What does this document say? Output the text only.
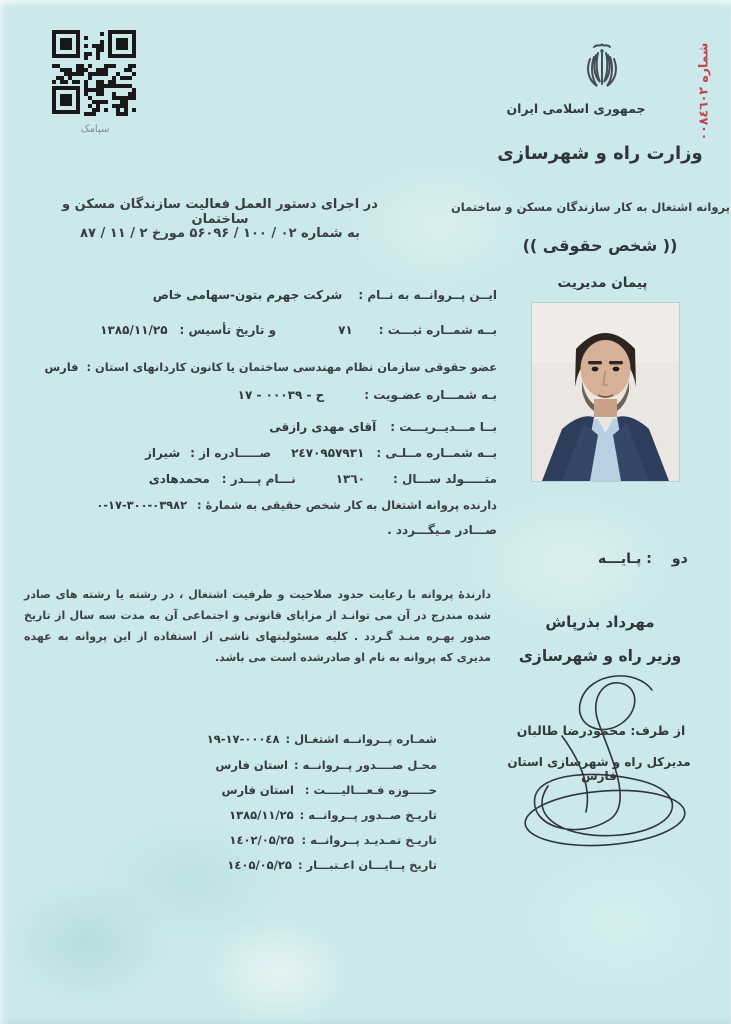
سپامک	شماره ۰۰۸٤٦۰۲
جمهوری اسلامی ایران
وزارت راه و شهرسازی
پروانه اشتغال به کار سازندگان مسکن و ساختمان
(( شخص حقوقی ))
پیمان مدیریت
در اجرای دستور العمل فعالیت سازندگان مسکن و ساختمان
به شماره ۰۲ / ۱۰۰ / ۵۶۰۹۶ مورخ ۲ / ۱۱ / ۸۷
ایــن پــروانــه به نــام :
شرکت جهرم بتون-سهامی خاص
بــه شمــاره ثبـــت :
۷۱
و تاریخ تأسیس :
۱۳۸۵/۱۱/۲۵
عضو حقوقی سازمان نظام مهندسی ساختمان یا کانون کاردانهای استان :
فارس
بـه شمـــاره عضـویت :
۱۷ - ح - ۰۰۰۳۹
بــا مـــدیــریـــت :
آقای مهدی رازقی
بــه شمــاره مــلـی :
۲٤۷۰۹۵۷۹۳۱
صـــــادره از :
شیراز
متـــــولد ســـال :
۱۳٦۰
نـــام پـــدر :
محمدهادی
دارنده پروانه اشتغال به کار شخص حقیقی به شمارهٔ :
۰-۱۷-۳۰۰-۰۳۹۸۲
صـــادر مـیگـــردد .
پـایـــه : دو
دارندهٔ پروانه با رعایت حدود صلاحیت و ظرفیت اشتغال ، در رشته یا رشته های صادر شده مندرج در آن می توانـد از مزایای قانونی و اجتماعی آن به مدت سه سال از تاریخ صدور بهـره منـد گـردد . کلیه مسئولیتهای ناشی از استفاده از این پروانه به عهده مدیری که پروانه به نام او صادرشده است می باشد.
مهرداد بذرپاش
وزیر راه و شهرسازی
از طرف: محمودرضا طالبان
مدیرکل راه و شهرسازی استان فارس
شمـاره پــروانــه اشتغـال :
۱۹-۱۷-۰۰۰٤۸
محـل صــــدور پــروانــه :
استان فارس
حـــــوزه فـعـــالیــــت :
استان فارس
تاریـخ صــدور پــروانــه :
۱۳۸۵/۱۱/۲۵
تاریـخ تمـدیـد پــروانــه :
۱٤۰۲/۰۵/۲۵
تاریخ پــایـــان اعـتبـــار :
۱٤۰۵/۰۵/۲۵
